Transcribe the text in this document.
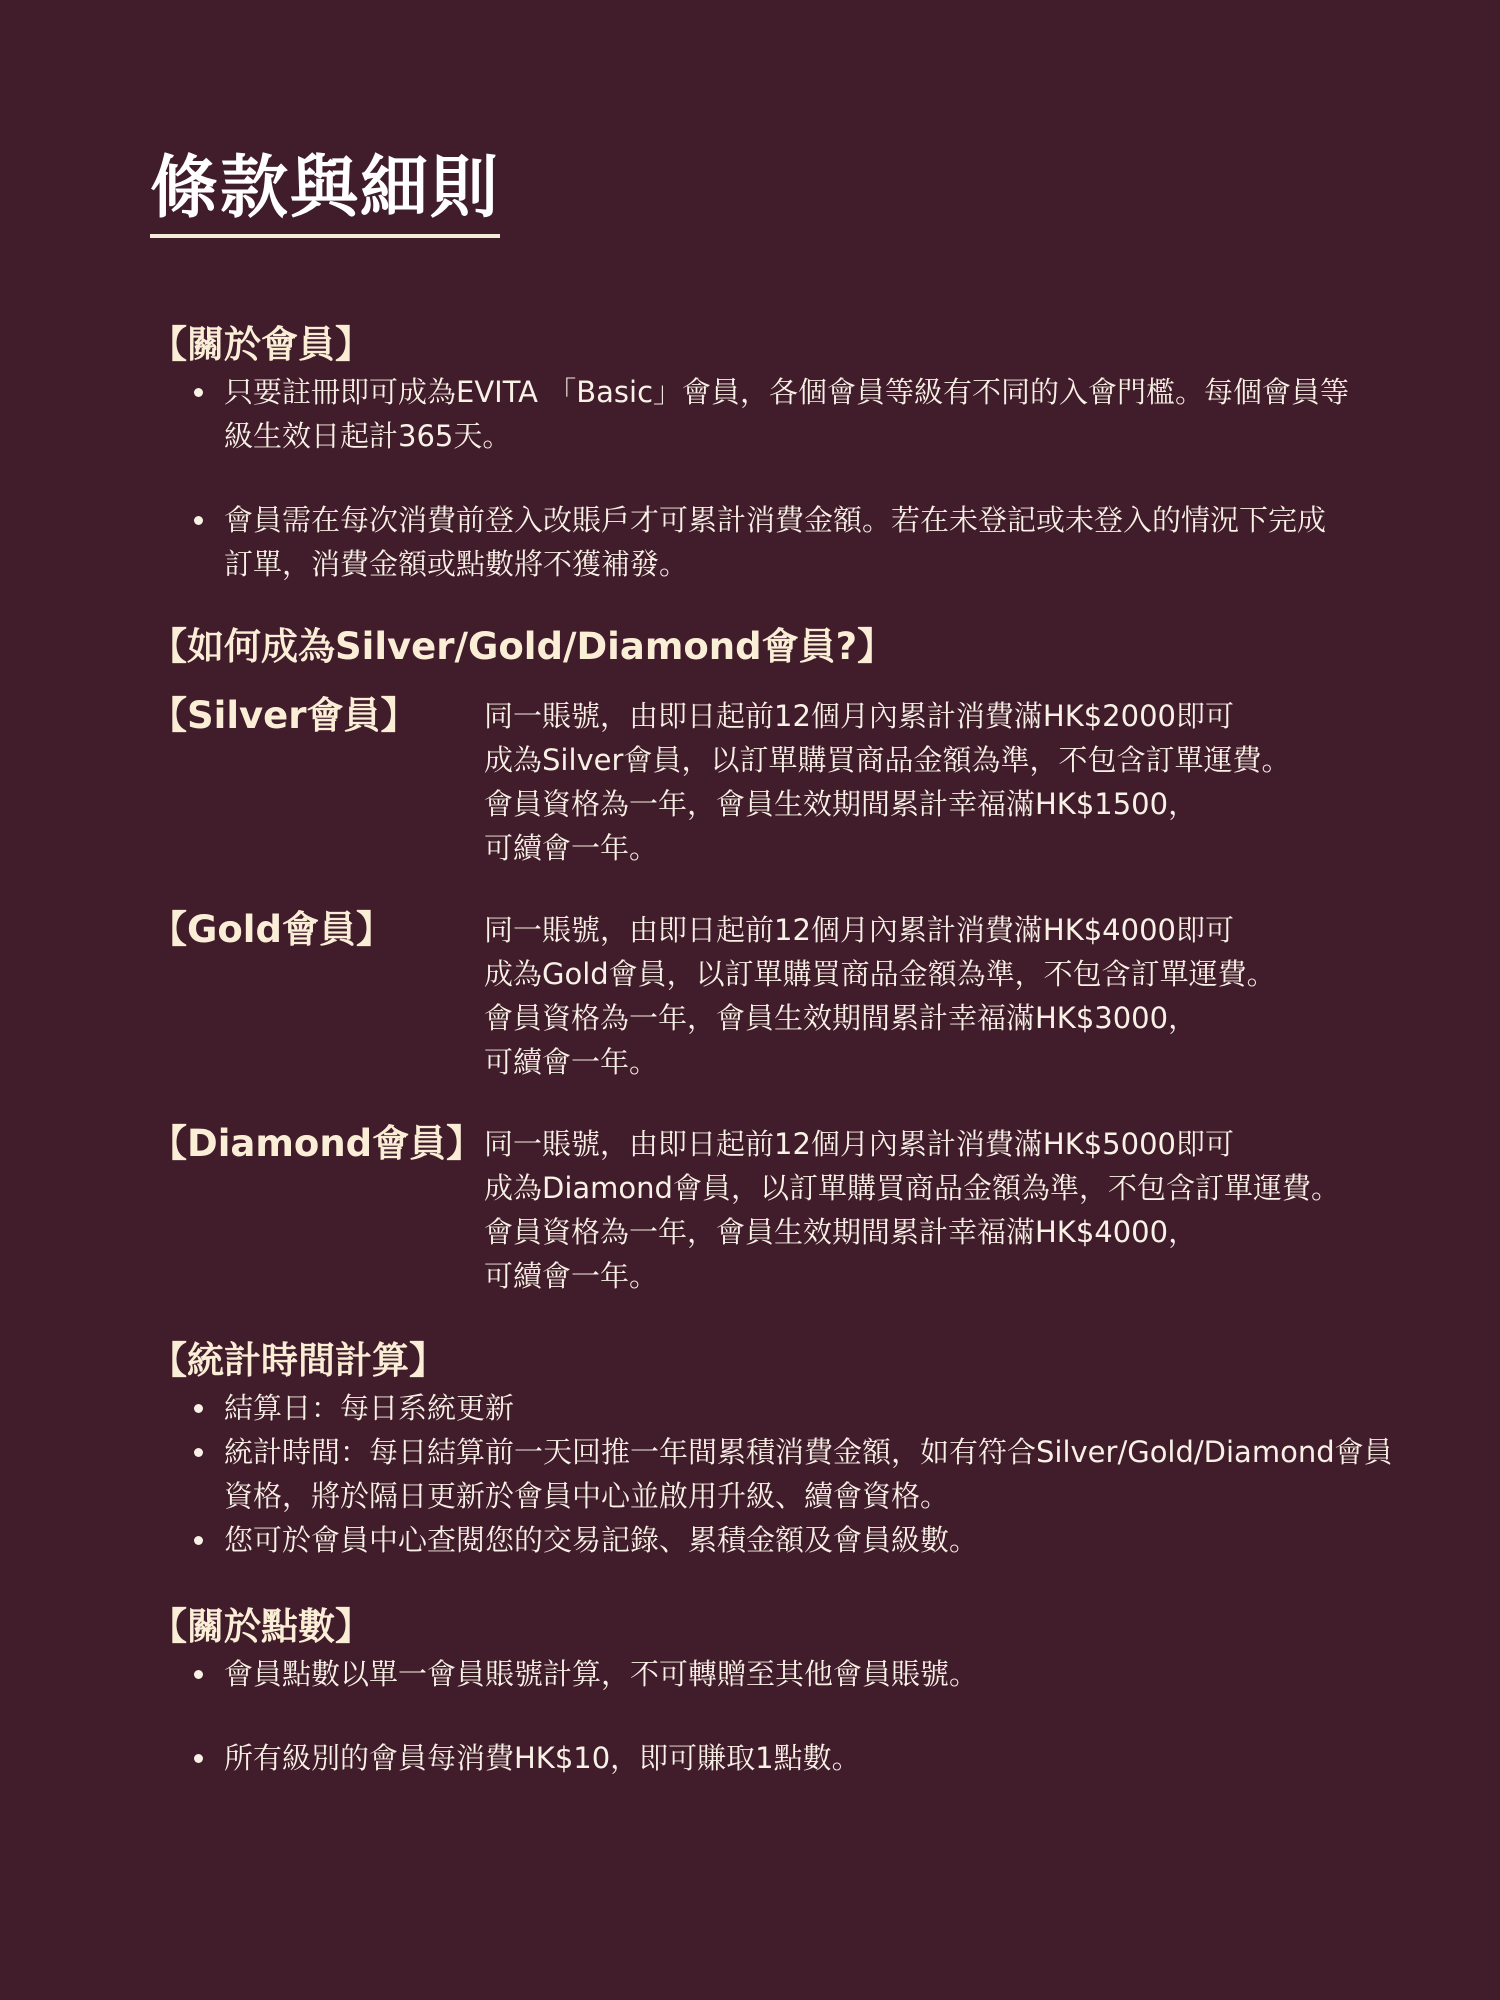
條款與細則
【關於會員】
只要註冊即可成為EVITA 「Basic」會員，各個會員等級有不同的入會門檻。每個會員等級生效日起計365天。
會員需在每次消費前登入改賬戶才可累計消費金額。若在未登記或未登入的情況下完成訂單，消費金額或點數將不獲補發。
【如何成為Silver/Gold/Diamond會員?】
【Silver會員】	同一賬號，由即日起前12個月內累計消費滿HK$2000即可
成為Silver會員，以訂單購買商品金額為準，不包含訂單運費。
會員資格為一年，會員生效期間累計幸福滿HK$1500，
可續會一年。
【Gold會員】	同一賬號，由即日起前12個月內累計消費滿HK$4000即可
成為Gold會員，以訂單購買商品金額為準，不包含訂單運費。
會員資格為一年，會員生效期間累計幸福滿HK$3000，
可續會一年。
【Diamond會員】 同一賬號，由即日起前12個月內累計消費滿HK$5000即可
成為Diamond會員，以訂單購買商品金額為準，不包含訂單運費。
會員資格為一年，會員生效期間累計幸福滿HK$4000，
可續會一年。
【統計時間計算】
結算日：每日系統更新
統計時間：每日結算前一天回推一年間累積消費金額，如有符合Silver/Gold/Diamond會員資格，將於隔日更新於會員中心並啟用升級、續會資格。
您可於會員中心查閱您的交易記錄、累積金額及會員級數。
【關於點數】
會員點數以單一會員賬號計算，不可轉贈至其他會員賬號。
所有級別的會員每消費HK$10，即可賺取1點數。
